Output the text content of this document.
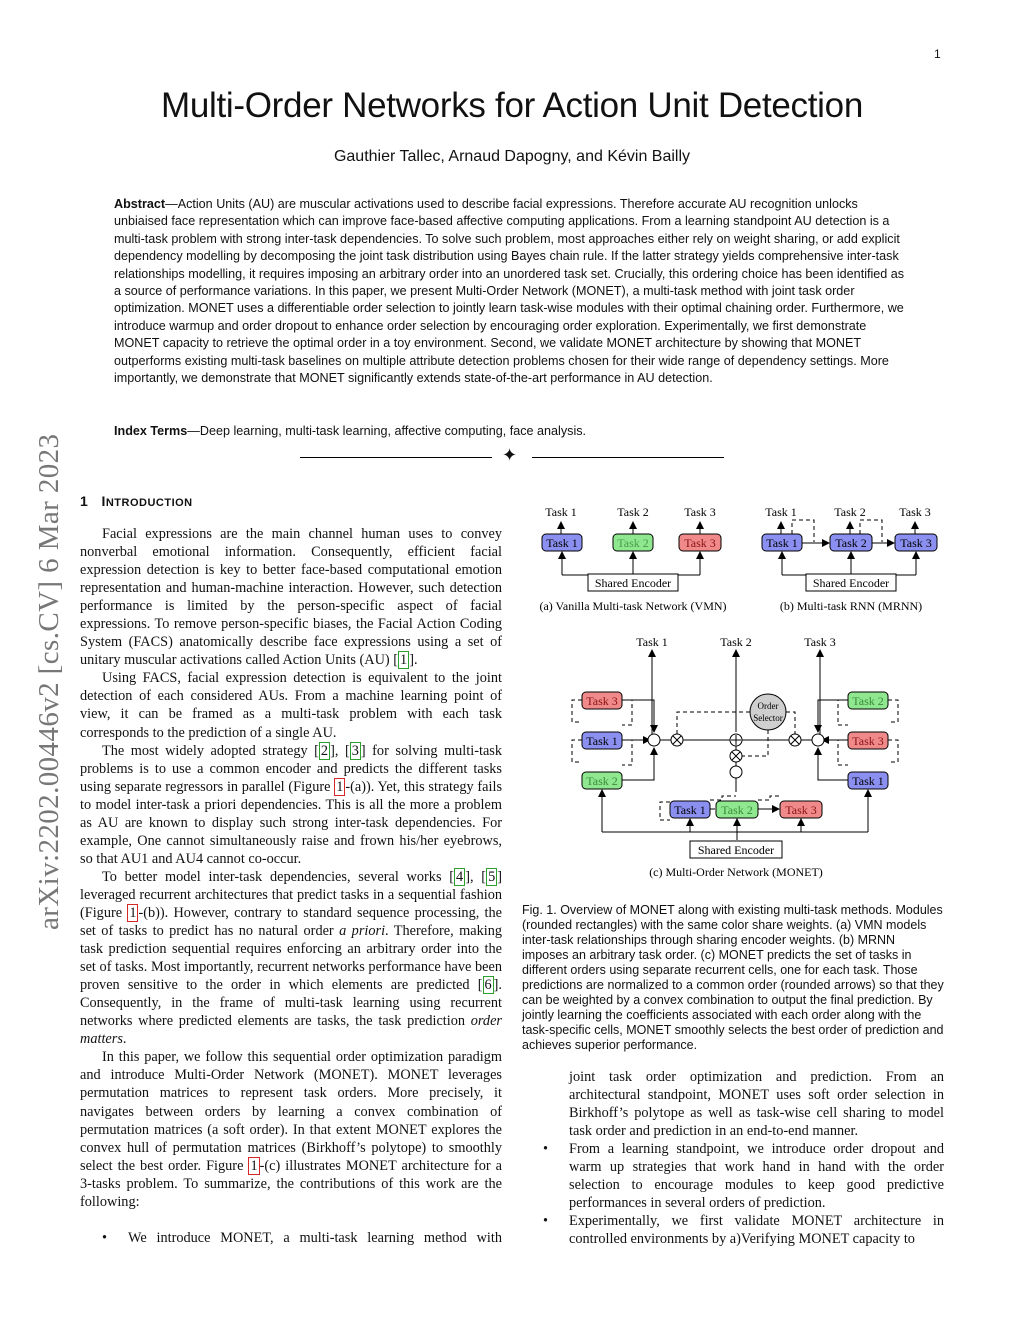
1
arXiv:2202.00446v2 [cs.CV] 6 Mar 2023
Multi-Order Networks for Action Unit Detection
Gauthier Tallec, Arnaud Dapogny, and Kévin Bailly
Abstract—Action Units (AU) are muscular activations used to describe facial expressions. Therefore accurate AU recognition unlocks unbiaised face representation which can improve face-based affective computing applications. From a learning standpoint AU detection is a multi-task problem with strong inter-task dependencies. To solve such problem, most approaches either rely on weight sharing, or add explicit dependency modelling by decomposing the joint task distribution using Bayes chain rule. If the latter strategy yields comprehensive inter-task relationships modelling, it requires imposing an arbitrary order into an unordered task set. Crucially, this ordering choice has been identified as a source of performance variations. In this paper, we present Multi-Order Network (MONET), a multi-task method with joint task order optimization. MONET uses a differentiable order selection to jointly learn task-wise modules with their optimal chaining order. Furthermore, we introduce warmup and order dropout to enhance order selection by encouraging order exploration. Experimentally, we first demonstrate MONET capacity to retrieve the optimal order in a toy environment. Second, we validate MONET architecture by showing that MONET outperforms existing multi-task baselines on multiple attribute detection problems chosen for their wide range of dependency settings. More importantly, we demonstrate that MONET significantly extends state-of-the-art performance in AU detection.
Index Terms—Deep learning, multi-task learning, affective computing, face analysis.
✦
1 INTRODUCTION

Facial expressions are the main channel human uses to convey nonverbal emotional information. Consequently, efficient facial expression detection is key to better face-based computational emotion representation and human-machine interaction. However, such detection performance is limited by the person-specific aspect of facial expressions. To remove person-specific biases, the Facial Action Coding System (FACS) anatomically describe face expressions using a set of unitary muscular activations called Action Units (AU) [ 1 ].

Using FACS, facial expression detection is equivalent to the joint detection of each considered AUs. From a machine learning point of view, it can be framed as a multi-task problem with each task corresponds to the prediction of a single AU.

The most widely adopted strategy [ 2 ], [ 3 ] for solving multi-task problems is to use a common encoder and predicts the different tasks using separate regressors in parallel (Figure 1 -(a)). Yet, this strategy fails to model inter-task a priori dependencies. This is all the more a problem as AU are known to display such strong inter-task dependencies. For example, One cannot simultaneously raise and frown his/her eyebrows, so that AU1 and AU4 cannot co-occur.

To better model inter-task dependencies, several works [ 4 ], [ 5 ] leveraged recurrent architectures that predict tasks in a sequential fashion (Figure 1 -(b)). However, contrary to standard sequence processing, the set of tasks to predict has no natural order a priori. Therefore, making task prediction sequential requires enforcing an arbitrary order into the set of tasks. Most importantly, recurrent networks performance have been proven sensitive to the order in which elements are predicted [ 6 ]. Consequently, in the frame of multi-task learning using recurrent networks where predicted elements are tasks, the task prediction order matters.

In this paper, we follow this sequential order optimization paradigm and introduce Multi-Order Network (MONET). MONET leverages permutation matrices to represent task orders. More precisely, it navigates between orders by learning a convex combination of permutation matrices (a soft order). In that extent MONET explores the convex hull of permutation matrices (Birkhoff’s polytope) to smoothly select the best order. Figure 1 -(c) illustrates MONET architecture for a 3-tasks problem. To summarize, the contributions of this work are the following:

• We introduce MONET, a multi-task learning method with
Task 1	Task 2	Task 3
Task 1	Task 2	Task 3
Shared Encoder
(a) Vanilla Multi-task Network (VMN)
Task 1	Task 2	Task 3
Task 1	Task 2	Task 3
Shared Encoder
(b) Multi-task RNN (MRNN)
Task 1	Task 2	Task 3
Task 3
Task 1
Task 2
Task 2
Task 3
Task 1
Order
Selector
Task 1 Task 2	Task 3
Shared Encoder
(c) Multi-Order Network (MONET)
Fig. 1. Overview of MONET along with existing multi-task methods. Modules (rounded rectangles) with the same color share weights. (a) VMN models inter-task relationships through sharing encoder weights. (b) MRNN imposes an arbitrary task order. (c) MONET predicts the set of tasks in different orders using separate recurrent cells, one for each task. Those predictions are normalized to a common order (rounded arrows) so that they can be weighted by a convex combination to output the final prediction. By jointly learning the coefficients associated with each order along with the task-specific cells, MONET smoothly selects the best order of prediction and achieves superior performance.

joint task order optimization and prediction. From an architectural standpoint, MONET uses soft order selection in Birkhoff’s polytope as well as task-wise cell sharing to model task order and prediction in an end-to-end manner.

• From a learning standpoint, we introduce order dropout and warm up strategies that work hand in hand with the order selection to encourage modules to keep good predictive performances in several orders of prediction.

• Experimentally, we first validate MONET architecture in controlled environments by a)Verifying MONET capacity to
